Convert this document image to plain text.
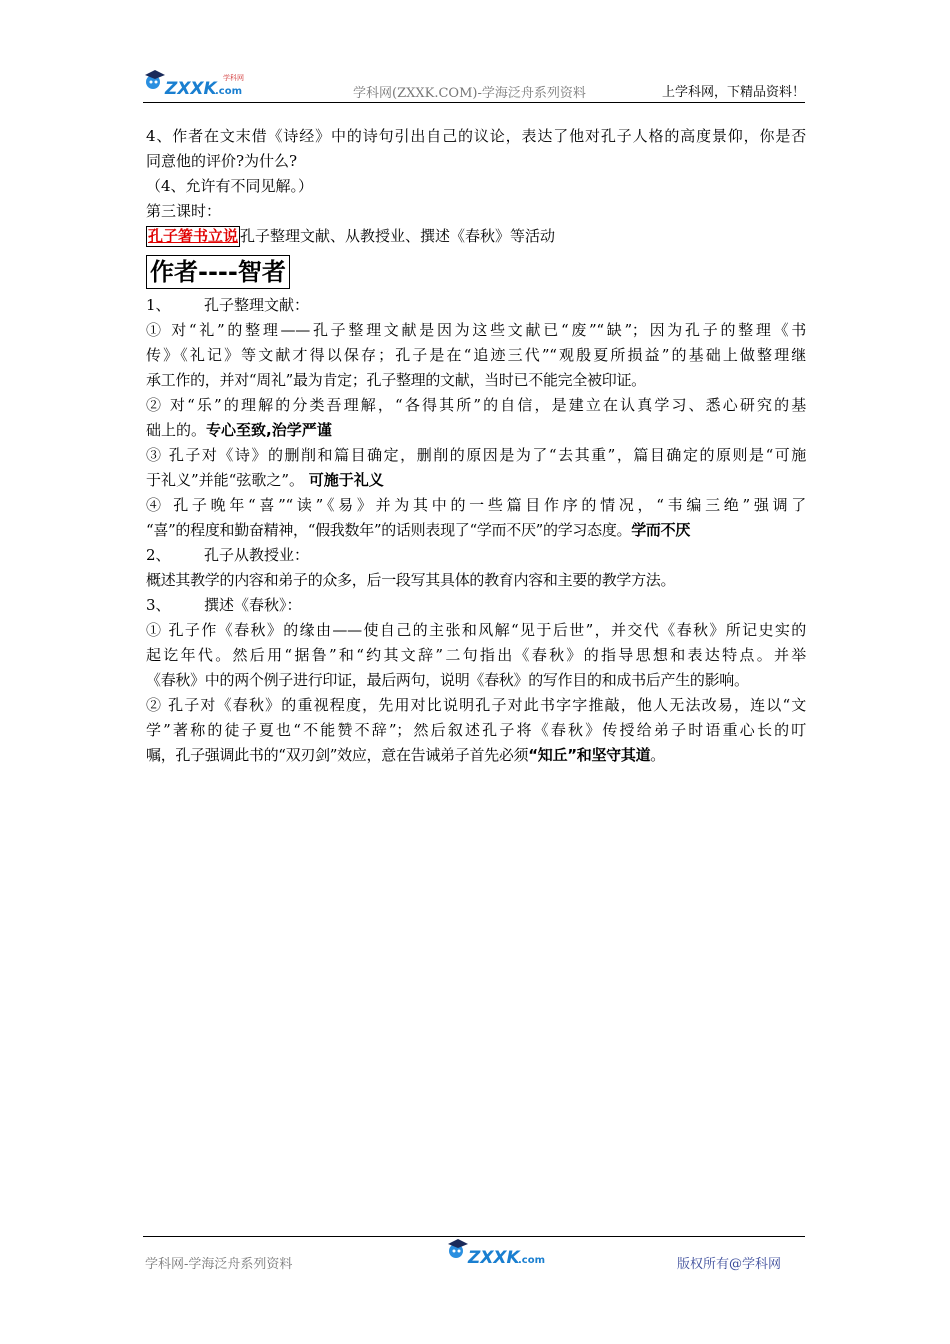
ZXXK
.com
学科网
学科网(ZXXK.COM)-学海泛舟系列资料	上学科网，下精品资料！

4、作者在文末借《诗经》中的诗句引出自己的议论，表达了他对孔子人格的高度景仰，你是否

同意他的评价?为什么?

（4、允许有不同见解。）

第三课时：

孔子箸书立说 孔子整理文献、从教授业、撰述《春秋》等活动

作者----智者

1、 孔子整理文献：

① 对“礼”的整理——孔子整理文献是因为这些文献已“废”“缺”；因为孔子的整理《书

传》《礼记》等文献才得以保存；孔子是在“追迹三代”“观殷夏所损益”的基础上做整理继

承工作的，并对“周礼”最为肯定；孔子整理的文献，当时已不能完全被印证。

② 对“乐”的理解的分类吾理解，“各得其所”的自信，是建立在认真学习、悉心研究的基

础上的。专心至致,治学严谨

③ 孔子对《诗》的删削和篇目确定，删削的原因是为了“去其重”，篇目确定的原则是“可施

于礼义”并能“弦歌之”。 可施于礼义

④ 孔子晚年“喜”“读”《易》并为其中的一些篇目作序的情况，“韦编三绝”强调了

“喜”的程度和勤奋精神，“假我数年”的话则表现了“学而不厌”的学习态度。学而不厌

2、 孔子从教授业：

概述其教学的内容和弟子的众多，后一段写其具体的教育内容和主要的教学方法。

3、 撰述《春秋》：

① 孔子作《春秋》的缘由——使自己的主张和风解“见于后世”，并交代《春秋》所记史实的

起讫年代。然后用“据鲁”和“约其文辞”二句指出《春秋》的指导思想和表达特点。并举

《春秋》中的两个例子进行印证，最后两句，说明《春秋》的写作目的和成书后产生的影响。

② 孔子对《春秋》的重视程度，先用对比说明孔子对此书字字推敲，他人无法改易，连以“文

学”著称的徒子夏也“不能赞不辞”；然后叙述孔子将《春秋》传授给弟子时语重心长的叮

嘱，孔子强调此书的“双刃剑”效应，意在告诫弟子首先必须“知丘”和坚守其道。

学科网-学海泛舟系列资料	ZXXK
.com	版权所有@学科网
